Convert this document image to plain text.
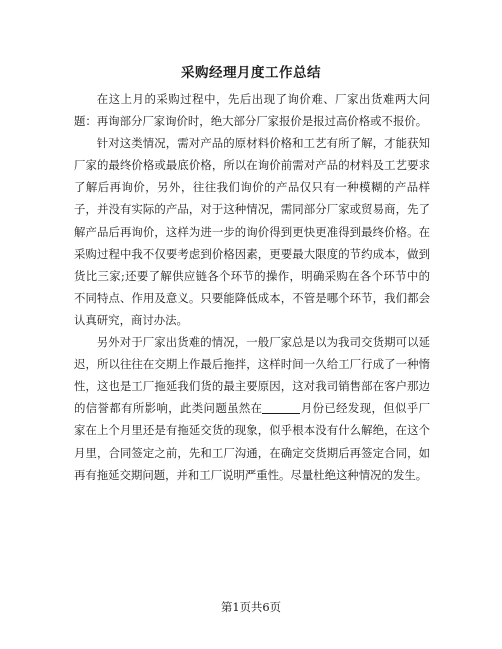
采购经理月度工作总结

在这上月的采购过程中，先后出现了询价难、厂家出货难两大问题：再询部分厂家询价时，绝大部分厂家报价是报过高价格或不报价。

针对这类情况，需对产品的原材料价格和工艺有所了解，才能获知厂家的最终价格或最底价格，所以在询价前需对产品的材料及工艺要求了解后再询价，另外，往往我们询价的产品仅只有一种模糊的产品样子，并没有实际的产品，对于这种情况，需同部分厂家或贸易商，先了解产品后再询价，这样为进一步的询价得到更快更准得到最终价格。在采购过程中我不仅要考虑到价格因素，更要最大限度的节约成本，做到货比三家;还要了解供应链各个环节的操作，明确采购在各个环节中的不同特点、作用及意义。只要能降低成本，不管是哪个环节，我们都会认真研究，商讨办法。

另外对于厂家出货难的情况，一般厂家总是以为我司交货期可以延迟，所以往往在交期上作最后拖拌，这样时间一久给工厂行成了一种惰性，这也是工厂拖延我们货的最主要原因，这对我司销售部在客户那边的信誉都有所影响，此类问题虽然在	月份已经发现，但似乎厂家在上个月里还是有拖延交货的现象，似乎根本没有什么解绝，在这个月里，合同签定之前，先和工厂沟通，在确定交货期后再签定合同，如再有拖延交期问题，并和工厂说明严重性。尽量杜绝这种情况的发生。

第1页共6页
